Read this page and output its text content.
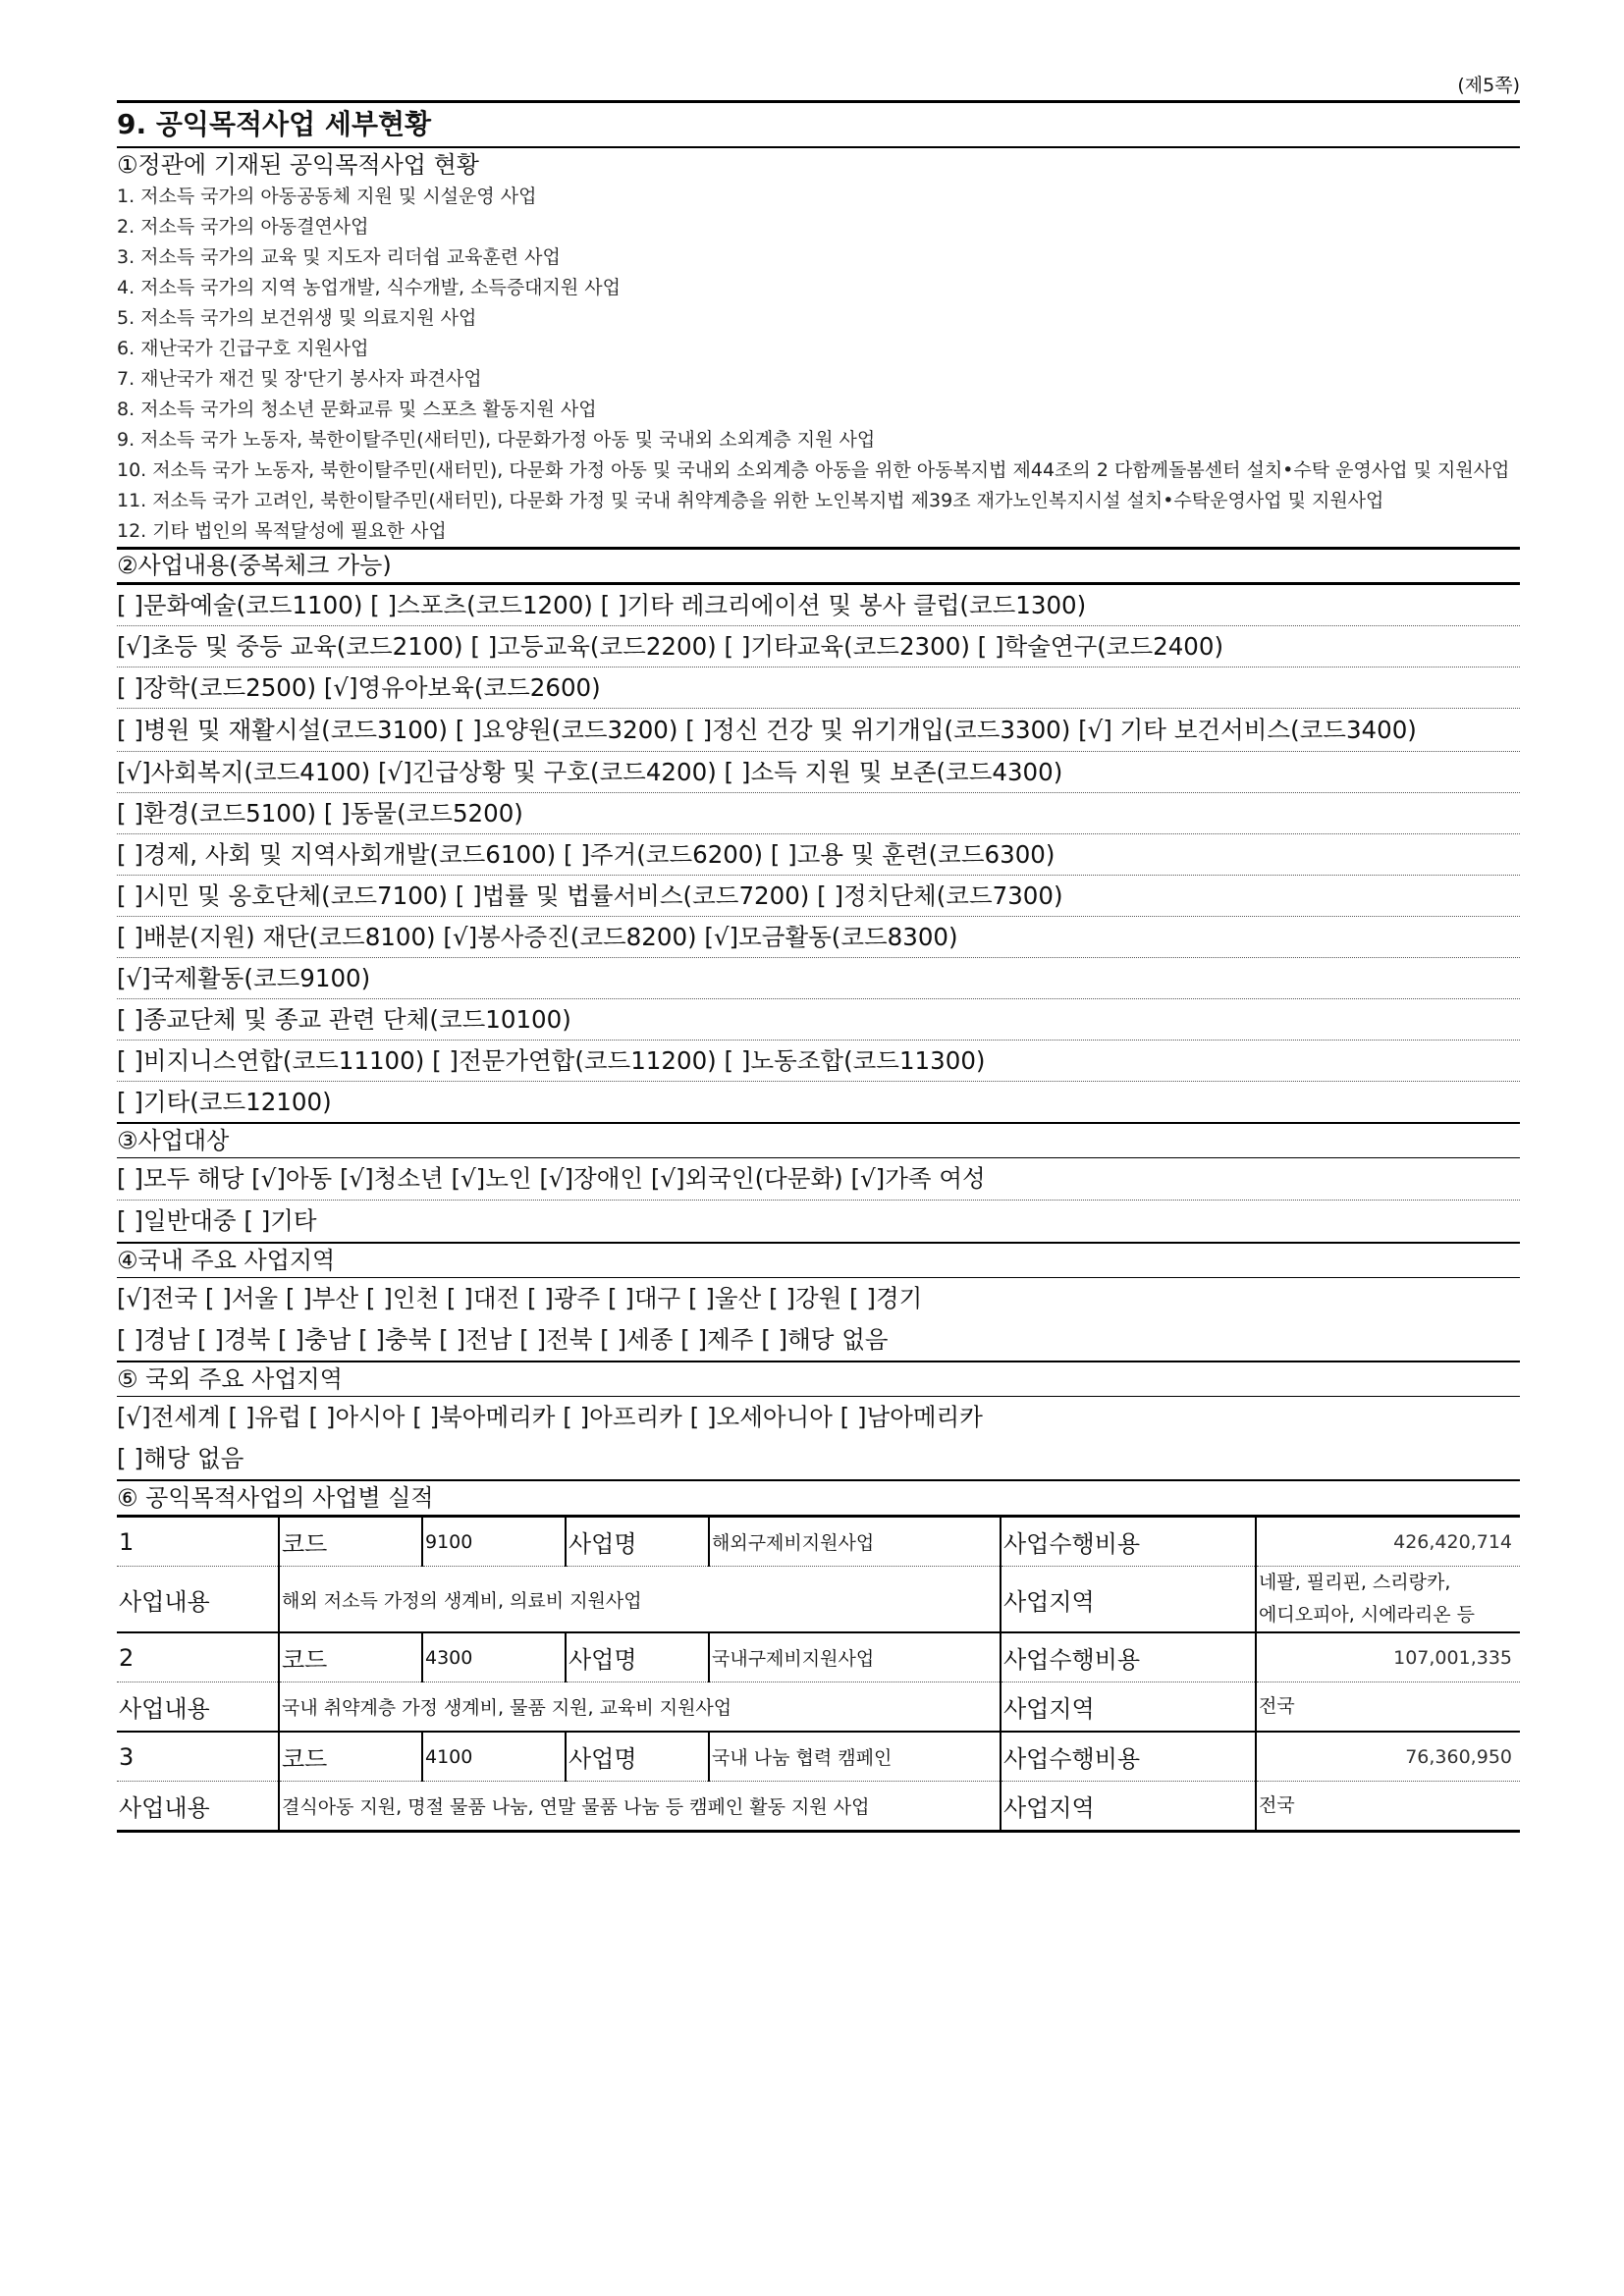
(제5쪽)
9. 공익목적사업 세부현황
①정관에 기재된 공익목적사업 현황
1. 저소득 국가의 아동공동체 지원 및 시설운영 사업
2. 저소득 국가의 아동결연사업
3. 저소득 국가의 교육 및 지도자 리더쉽 교육훈련 사업
4. 저소득 국가의 지역 농업개발, 식수개발, 소득증대지원 사업
5. 저소득 국가의 보건위생 및 의료지원 사업
6. 재난국가 긴급구호 지원사업
7. 재난국가 재건 및 장'단기 봉사자 파견사업
8. 저소득 국가의 청소년 문화교류 및 스포츠 활동지원 사업
9. 저소득 국가 노동자, 북한이탈주민(새터민), 다문화가정 아동 및 국내외 소외계층 지원 사업
10. 저소득 국가 노동자, 북한이탈주민(새터민), 다문화 가정 아동 및 국내외 소외계층 아동을 위한 아동복지법 제44조의 2 다함께돌봄센터 설치•수탁 운영사업 및 지원사업
11. 저소득 국가 고려인, 북한이탈주민(새터민), 다문화 가정 및 국내 취약계층을 위한 노인복지법 제39조 재가노인복지시설 설치•수탁운영사업 및 지원사업
12. 기타 법인의 목적달성에 필요한 사업
②사업내용(중복체크 가능)
[ ]문화예술(코드1100) [ ]스포츠(코드1200) [ ]기타 레크리에이션 및 봉사 클럽(코드1300)
[√]초등 및 중등 교육(코드2100) [ ]고등교육(코드2200) [ ]기타교육(코드2300) [ ]학술연구(코드2400)
[ ]장학(코드2500) [√]영유아보육(코드2600)
[ ]병원 및 재활시설(코드3100) [ ]요양원(코드3200) [ ]정신 건강 및 위기개입(코드3300) [√] 기타 보건서비스(코드3400)
[√]사회복지(코드4100) [√]긴급상황 및 구호(코드4200) [ ]소득 지원 및 보존(코드4300)
[ ]환경(코드5100) [ ]동물(코드5200)
[ ]경제, 사회 및 지역사회개발(코드6100) [ ]주거(코드6200) [ ]고용 및 훈련(코드6300)
[ ]시민 및 옹호단체(코드7100) [ ]법률 및 법률서비스(코드7200) [ ]정치단체(코드7300)
[ ]배분(지원) 재단(코드8100) [√]봉사증진(코드8200) [√]모금활동(코드8300)
[√]국제활동(코드9100)
[ ]종교단체 및 종교 관련 단체(코드10100)
[ ]비지니스연합(코드11100) [ ]전문가연합(코드11200) [ ]노동조합(코드11300)
[ ]기타(코드12100)
③사업대상
[ ]모두 해당 [√]아동 [√]청소년 [√]노인 [√]장애인 [√]외국인(다문화) [√]가족 여성
[ ]일반대중 [ ]기타
④국내 주요 사업지역
[√]전국 [ ]서울 [ ]부산 [ ]인천 [ ]대전 [ ]광주 [ ]대구 [ ]울산 [ ]강원 [ ]경기
[ ]경남 [ ]경북 [ ]충남 [ ]충북 [ ]전남 [ ]전북 [ ]세종 [ ]제주 [ ]해당 없음
⑤ 국외 주요 사업지역
[√]전세계 [ ]유럽 [ ]아시아 [ ]북아메리카 [ ]아프리카 [ ]오세아니아 [ ]남아메리카
[ ]해당 없음
⑥ 공익목적사업의 사업별 실적
1	코드	9100	사업명	해외구제비지원사업	사업수행비용	426,420,714
사업내용	해외 저소득 가정의 생계비, 의료비 지원사업				사업지역	네팔, 필리핀, 스리랑카,
에디오피아, 시에라리온 등

2	코드	4300	사업명	국내구제비지원사업	사업수행비용	107,001,335
사업내용	국내 취약계층 가정 생계비, 물품 지원, 교육비 지원사업				사업지역	전국
3	코드	4100	사업명	국내 나눔 협력 캠페인	사업수행비용	76,360,950
사업내용	결식아동 지원, 명절 물품 나눔, 연말 물품 나눔 등 캠페인 활동 지원 사업				사업지역	전국
